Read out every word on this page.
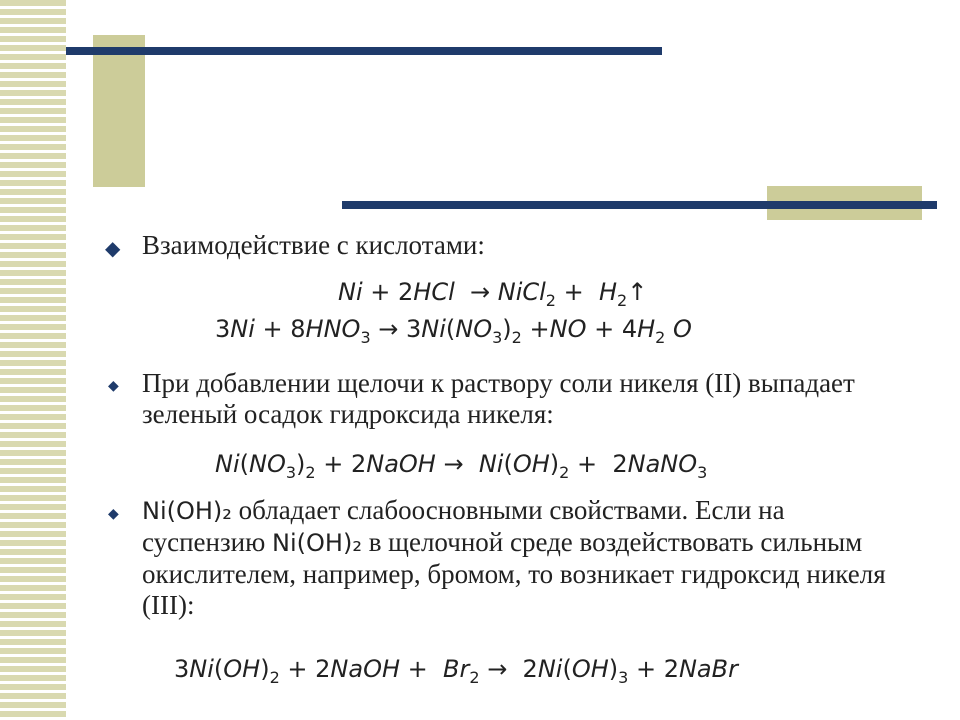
◆ Взаимодействие с кислотами:
Ni + 2HCl  → NiCl$_2$ +  $H_2↑$
$3Ni + 8HNO_3 \to 3Ni(NO_3)_2 +NO + 4H_2$ O
◆ При добавлении щелочи к раствору соли никеля (II) выпадает зеленый осадок гидроксида никеля:
$Ni(NO_3)_2$ + 2NaOH →  $Ni(OH)_2$ +  2NaNO$_3$
◆ Ni(OH)₂ обладает слабоосновными свойствами. Если на суспензию Ni(OH)₂ в щелочной среде воздействовать сильным окислителем, например, бромом, то возникает гидроксид никеля (III):
$3Ni(OH)_2$ + 2NaOH +  $Br_2 \to 2Ni(OH)_3$ + 2NaBr
